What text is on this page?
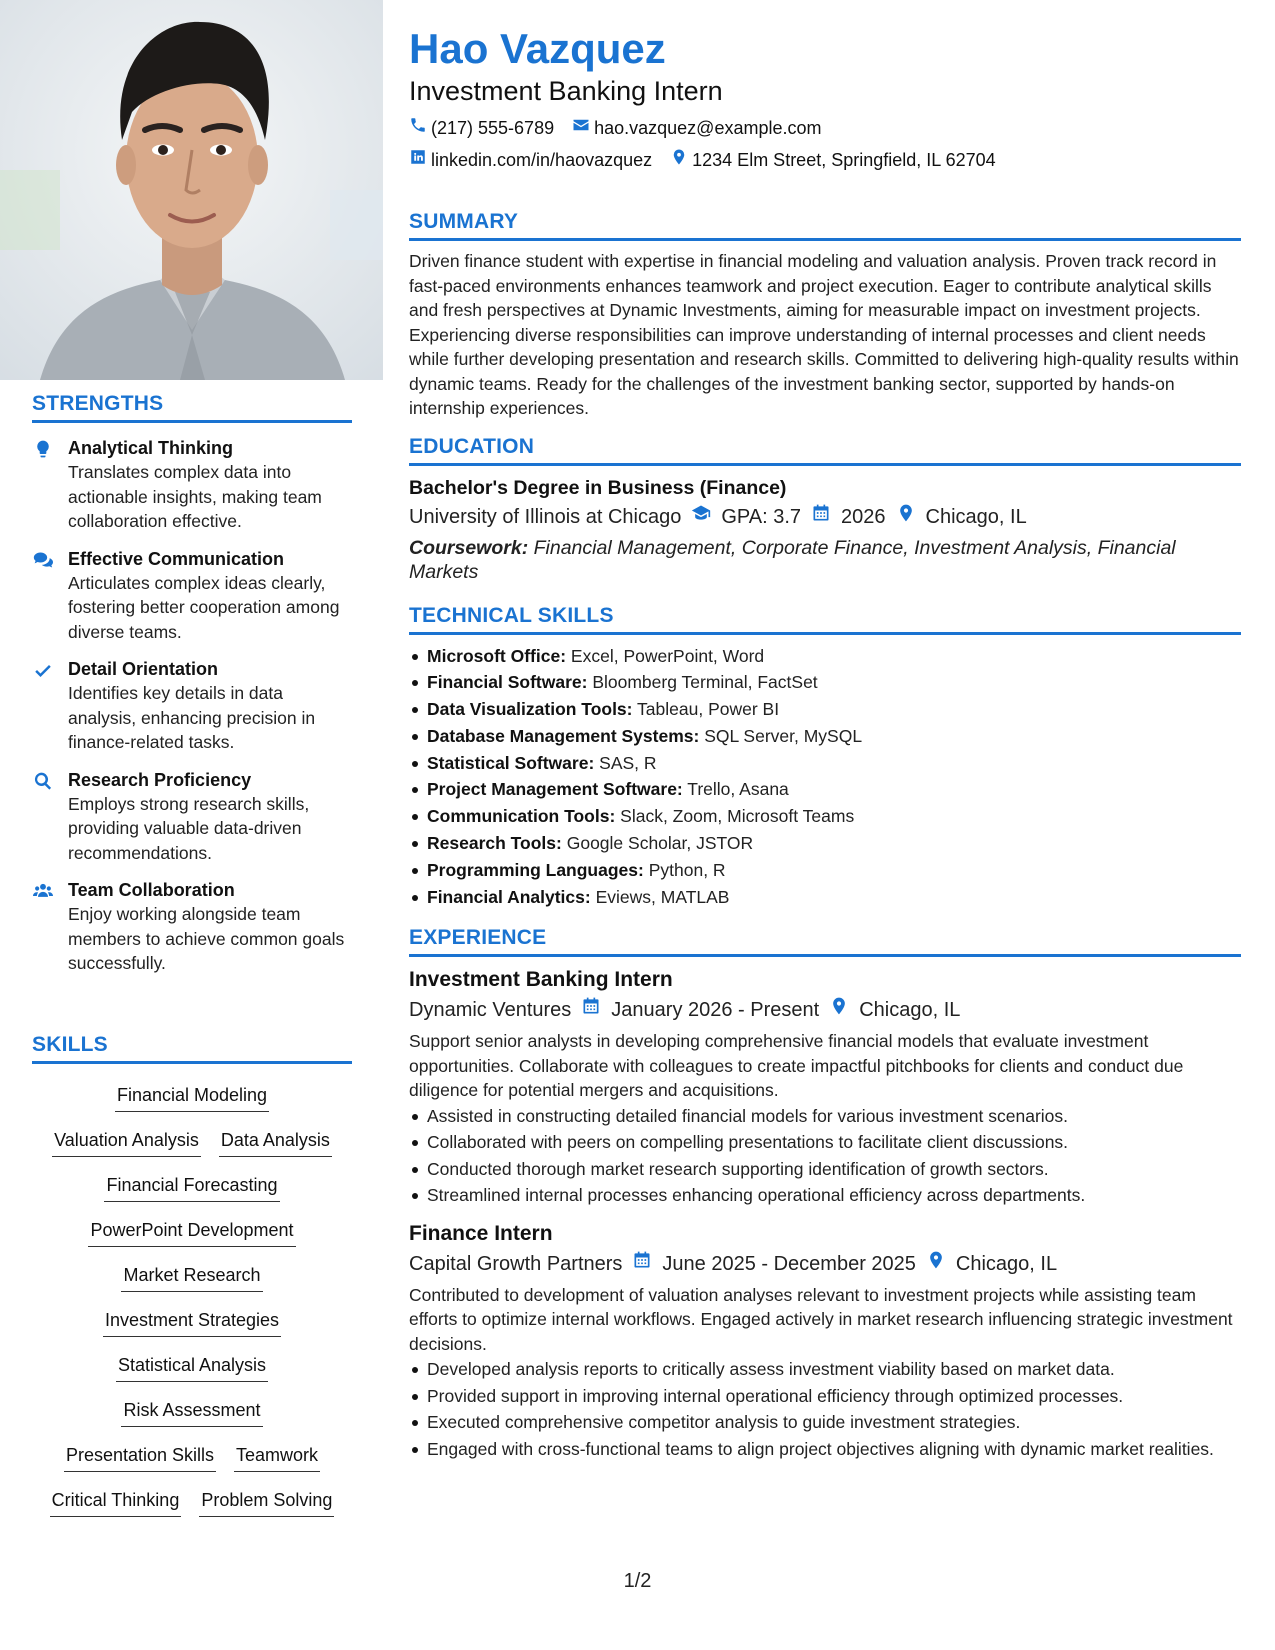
STRENGTHS
Analytical Thinking
Translates complex data into actionable insights, making team collaboration effective.
Effective Communication
Articulates complex ideas clearly, fostering better cooperation among diverse teams.
Detail Orientation
Identifies key details in data analysis, enhancing precision in finance-related tasks.
Research Proficiency
Employs strong research skills, providing valuable data-driven recommendations.
Team Collaboration
Enjoy working alongside team members to achieve common goals successfully.
SKILLS
Financial Modeling
Valuation Analysis Data Analysis
Financial Forecasting
PowerPoint Development
Market Research
Investment Strategies
Statistical Analysis
Risk Assessment
Presentation Skills Teamwork
Critical Thinking Problem Solving
Hao Vazquez
Investment Banking Intern
(217) 555-6789 hao.vazquez@example.com
linkedin.com/in/haovazquez 1234 Elm Street, Springfield, IL 62704
SUMMARY
Driven finance student with expertise in financial modeling and valuation analysis. Proven track record in fast-paced environments enhances teamwork and project execution. Eager to contribute analytical skills and fresh perspectives at Dynamic Investments, aiming for measurable impact on investment projects. Experiencing diverse responsibilities can improve understanding of internal processes and client needs while further developing presentation and research skills. Committed to delivering high-quality results within dynamic teams. Ready for the challenges of the investment banking sector, supported by hands-on internship experiences.
EDUCATION
Bachelor's Degree in Business (Finance)
University of Illinois at Chicago GPA: 3.7 2026 Chicago, IL
Coursework: Financial Management, Corporate Finance, Investment Analysis, Financial Markets
TECHNICAL SKILLS
Microsoft Office: Excel, PowerPoint, Word
Financial Software: Bloomberg Terminal, FactSet
Data Visualization Tools: Tableau, Power BI
Database Management Systems: SQL Server, MySQL
Statistical Software: SAS, R
Project Management Software: Trello, Asana
Communication Tools: Slack, Zoom, Microsoft Teams
Research Tools: Google Scholar, JSTOR
Programming Languages: Python, R
Financial Analytics: Eviews, MATLAB
EXPERIENCE
Investment Banking Intern
Dynamic Ventures January 2026 - Present Chicago, IL
Support senior analysts in developing comprehensive financial models that evaluate investment opportunities. Collaborate with colleagues to create impactful pitchbooks for clients and conduct due diligence for potential mergers and acquisitions.
Assisted in constructing detailed financial models for various investment scenarios.
Collaborated with peers on compelling presentations to facilitate client discussions.
Conducted thorough market research supporting identification of growth sectors.
Streamlined internal processes enhancing operational efficiency across departments.
Finance Intern
Capital Growth Partners June 2025 - December 2025 Chicago, IL
Contributed to development of valuation analyses relevant to investment projects while assisting team efforts to optimize internal workflows. Engaged actively in market research influencing strategic investment decisions.
Developed analysis reports to critically assess investment viability based on market data.
Provided support in improving internal operational efficiency through optimized processes.
Executed comprehensive competitor analysis to guide investment strategies.
Engaged with cross-functional teams to align project objectives aligning with dynamic market realities.
1/2
